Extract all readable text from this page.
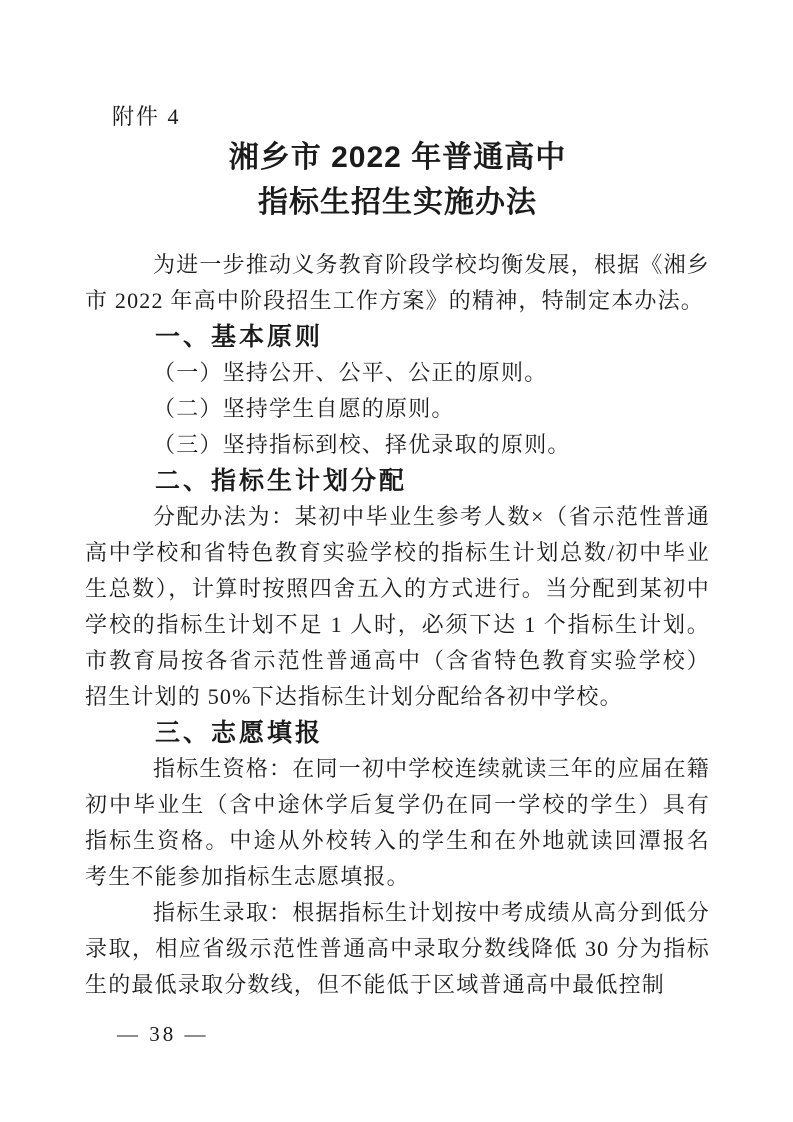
附件 4
湘乡市 2022 年普通高中
指标生招生实施办法

为进一步推动义务教育阶段学校均衡发展，根据《湘乡市 2022 年高中阶段招生工作方案》的精神，特制定本办法。

一、基本原则

（一）坚持公开、公平、公正的原则。

（二）坚持学生自愿的原则。

（三）坚持指标到校、择优录取的原则。

二、指标生计划分配

分配办法为：某初中毕业生参考人数×（省示范性普通高中学校和省特色教育实验学校的指标生计划总数/初中毕业生总数），计算时按照四舍五入的方式进行。当分配到某初中学校的指标生计划不足 1 人时，必须下达 1 个指标生计划。市教育局按各省示范性普通高中（含省特色教育实验学校）招生计划的 50%下达指标生计划分配给各初中学校。

三、志愿填报

指标生资格：在同一初中学校连续就读三年的应届在籍初中毕业生（含中途休学后复学仍在同一学校的学生）具有指标生资格。中途从外校转入的学生和在外地就读回潭报名考生不能参加指标生志愿填报。

指标生录取：根据指标生计划按中考成绩从高分到低分录取，相应省级示范性普通高中录取分数线降低 30 分为指标生的最低录取分数线，但不能低于区域普通高中最低控制

— 38 —
